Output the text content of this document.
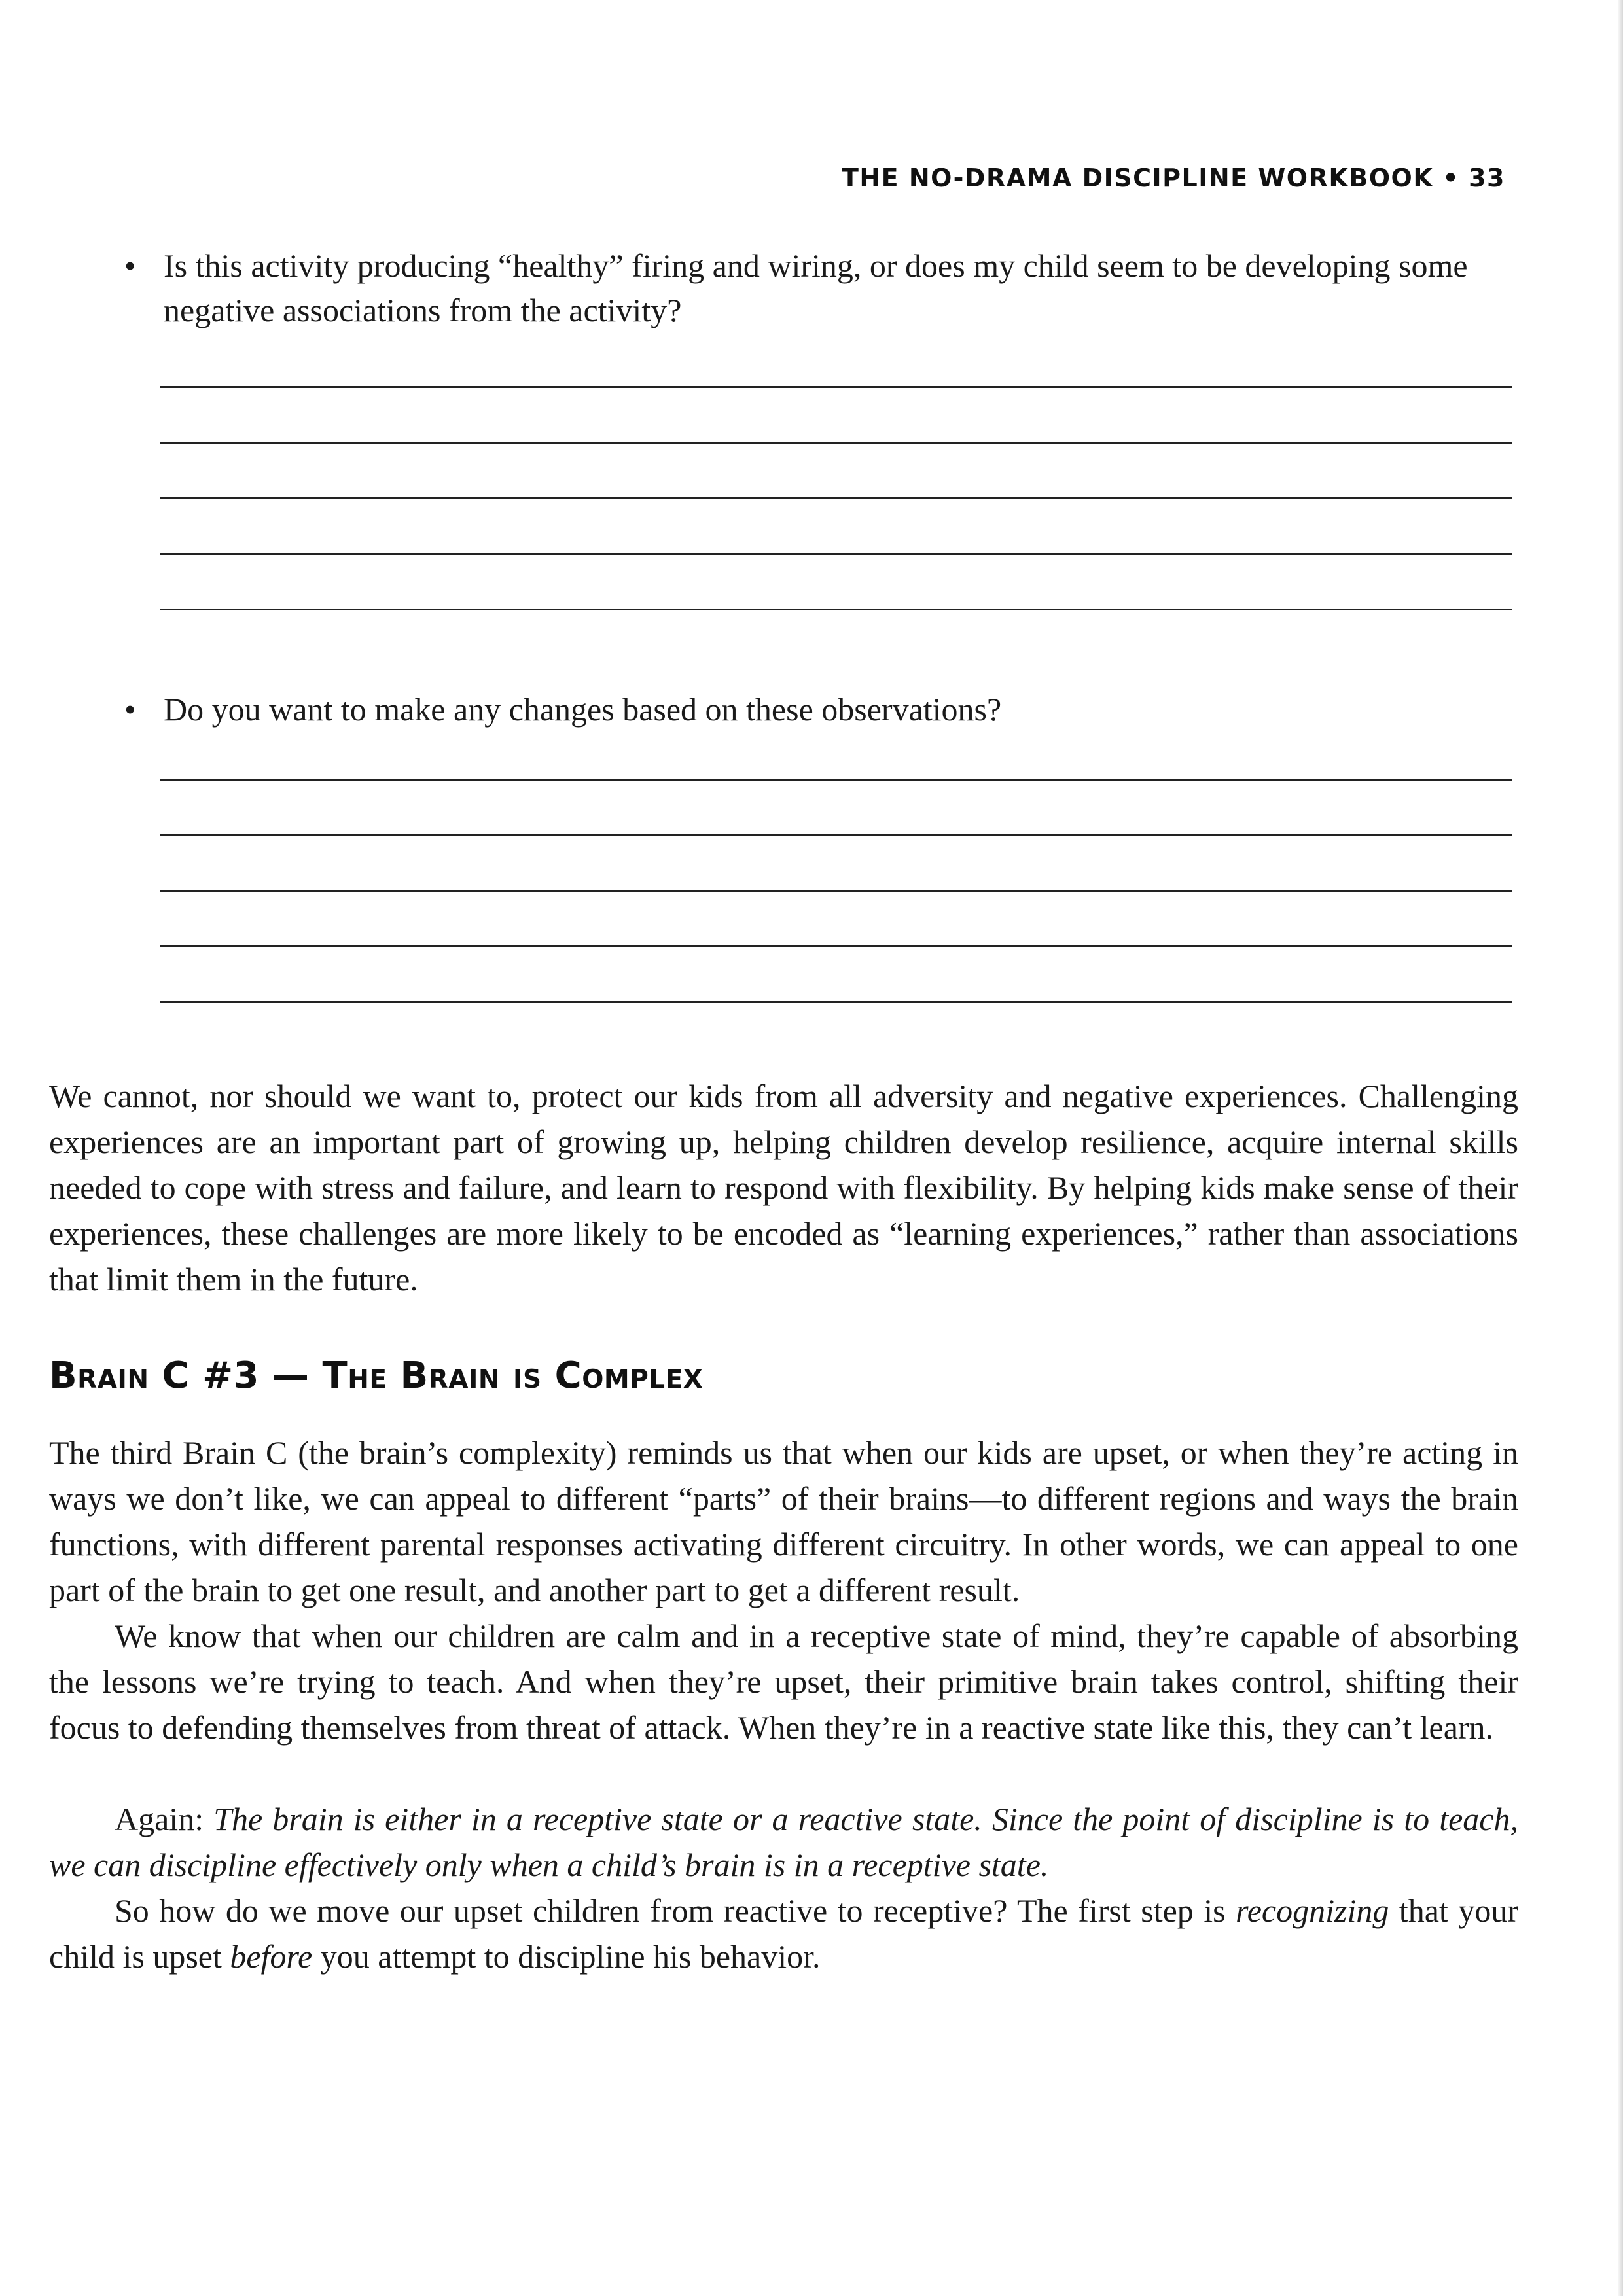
THE NO-DRAMA DISCIPLINE WORKBOOK • 33
• Is this activity producing “healthy” firing and wiring, or does my child seem to be developing some negative associations from the activity?
• Do you want to make any changes based on these observations?
We cannot, nor should we want to, protect our kids from all adversity and negative experiences. Challenging experiences are an important part of growing up, helping children develop resilience, acquire internal skills needed to cope with stress and failure, and learn to respond with flexibility. By helping kids make sense of their experiences, these challenges are more likely to be encoded as “learning experiences,” rather than associations that limit them in the future.
Brain C #3 — The Brain is Complex
The third Brain C (the brain’s complexity) reminds us that when our kids are upset, or when they’re acting in ways we don’t like, we can appeal to different “parts” of their brains—to different regions and ways the brain functions, with different parental responses activating different circuitry. In other words, we can appeal to one part of the brain to get one result, and another part to get a different result.
We know that when our children are calm and in a receptive state of mind, they’re capable of absorbing the lessons we’re trying to teach. And when they’re upset, their primitive brain takes control, shifting their focus to defending themselves from threat of attack. When they’re in a reactive state like this, they can’t learn.
Again: The brain is either in a receptive state or a reactive state. Since the point of discipline is to teach, we can discipline effectively only when a child’s brain is in a receptive state.
So how do we move our upset children from reactive to receptive? The first step is recognizing that your child is upset before you attempt to discipline his behavior.
